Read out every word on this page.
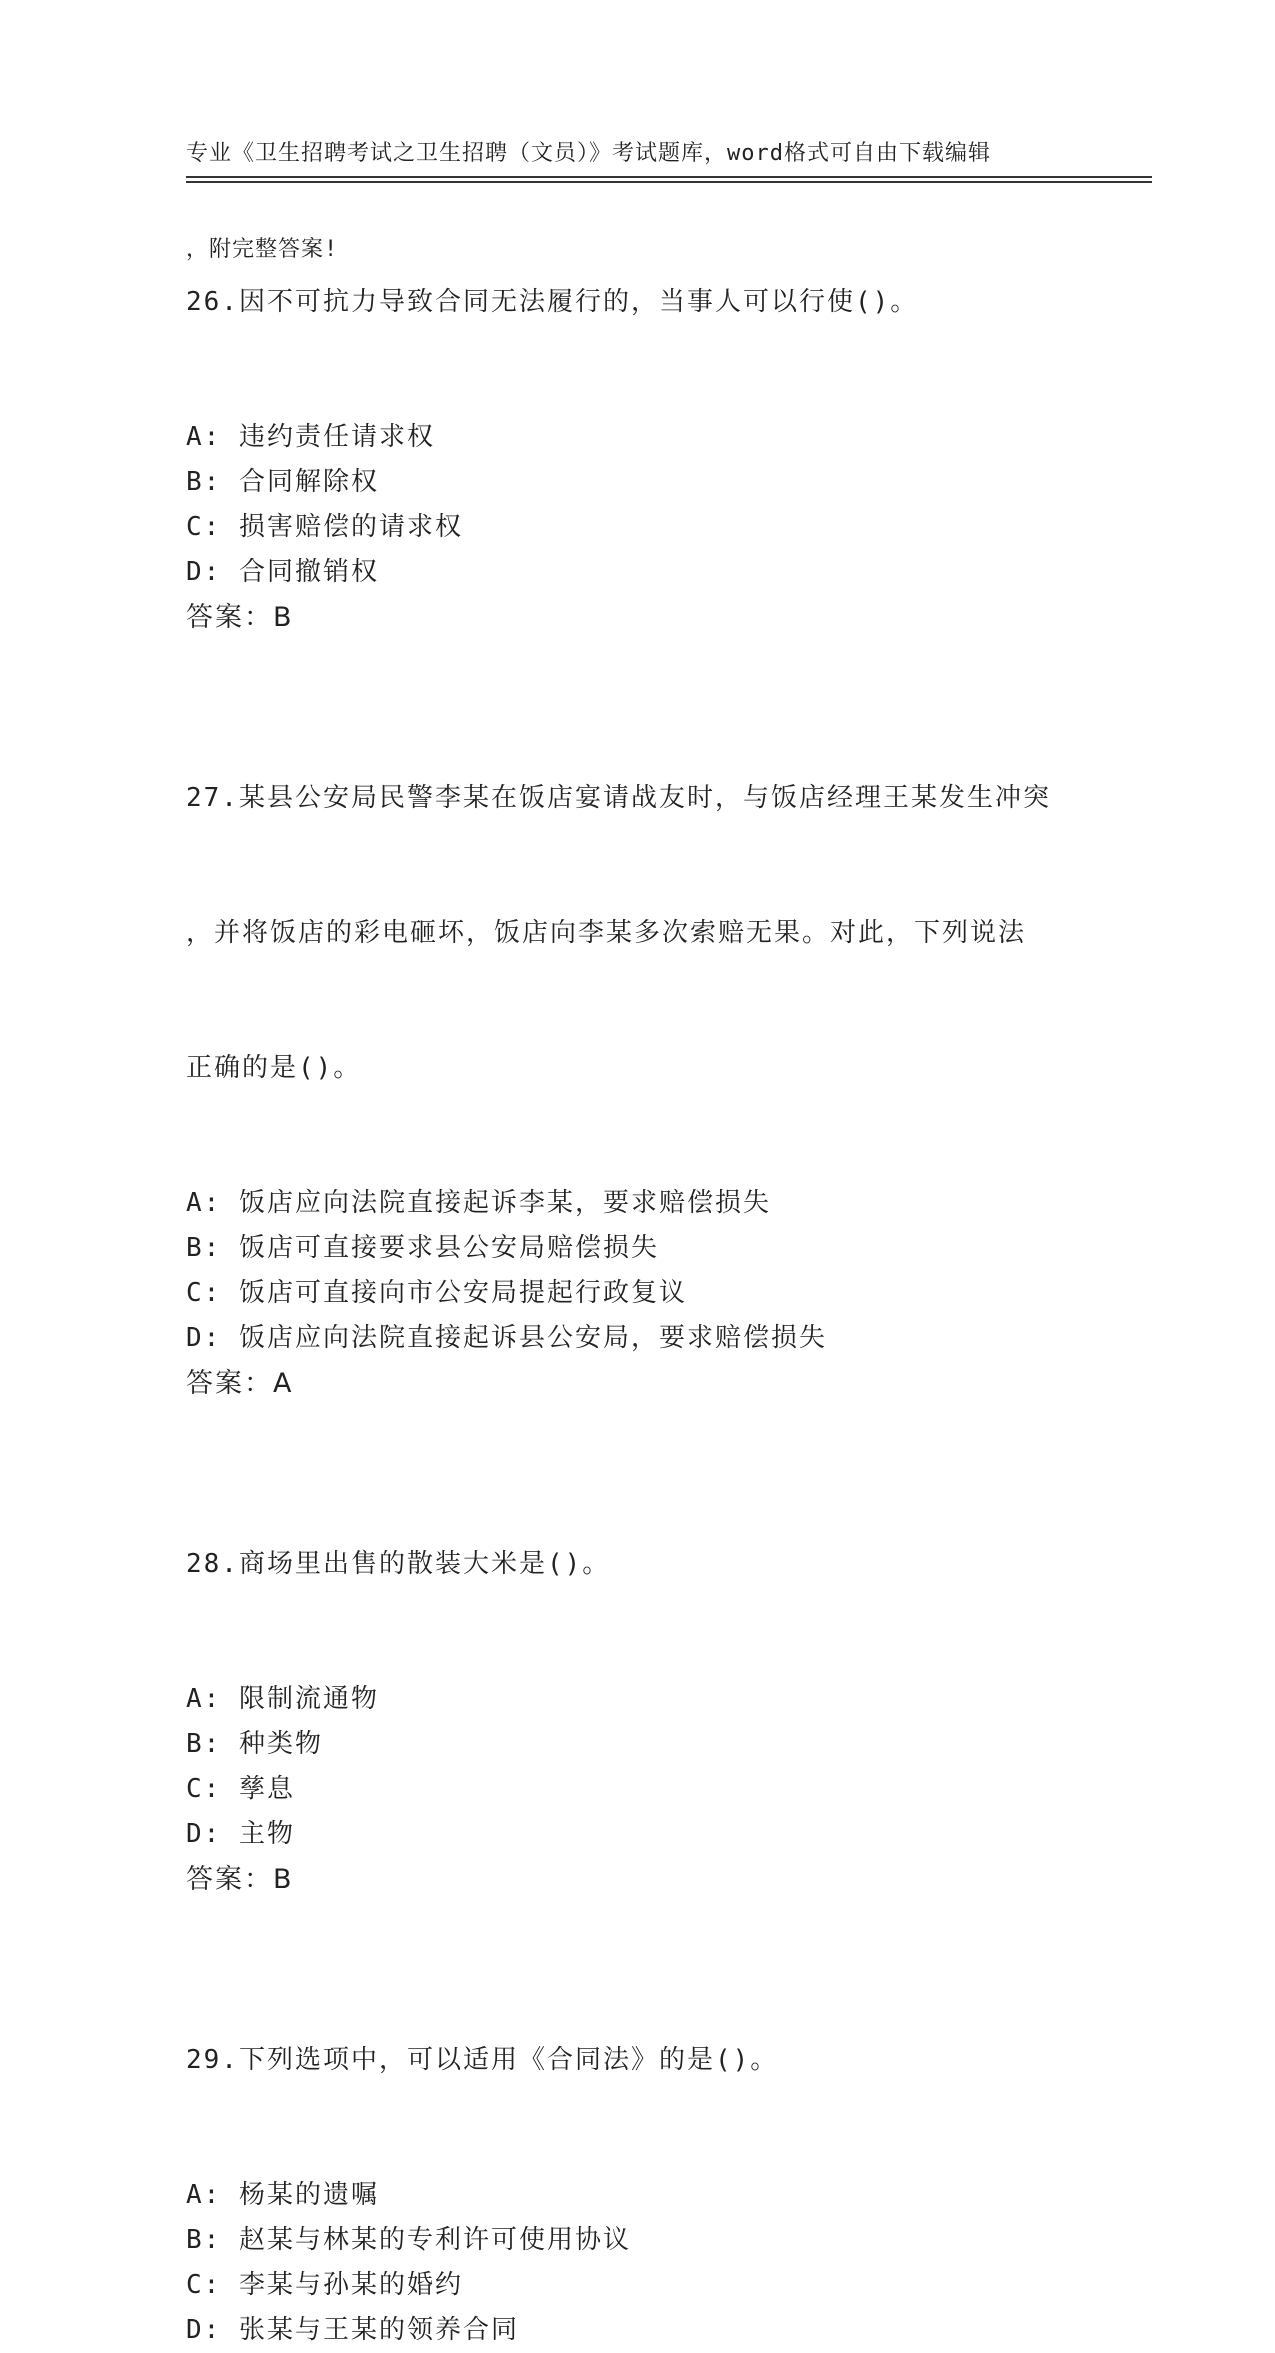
专业《卫生招聘考试之卫生招聘（文员）》考试题库，word格式可自由下载编辑

，附完整答案!

26.因不可抗力导致合同无法履行的，当事人可以行使()。

A: 违约责任请求权
B: 合同解除权
C: 损害赔偿的请求权
D: 合同撤销权
答案：B

27.某县公安局民警李某在饭店宴请战友时，与饭店经理王某发生冲突

，并将饭店的彩电砸坏，饭店向李某多次索赔无果。对此，下列说法

正确的是()。

A: 饭店应向法院直接起诉李某，要求赔偿损失
B: 饭店可直接要求县公安局赔偿损失
C: 饭店可直接向市公安局提起行政复议
D: 饭店应向法院直接起诉县公安局，要求赔偿损失
答案：A

28.商场里出售的散装大米是()。

A: 限制流通物
B: 种类物
C: 孳息
D: 主物
答案：B

29.下列选项中，可以适用《合同法》的是()。

A: 杨某的遗嘱
B: 赵某与林某的专利许可使用协议
C: 李某与孙某的婚约
D: 张某与王某的领养合同
